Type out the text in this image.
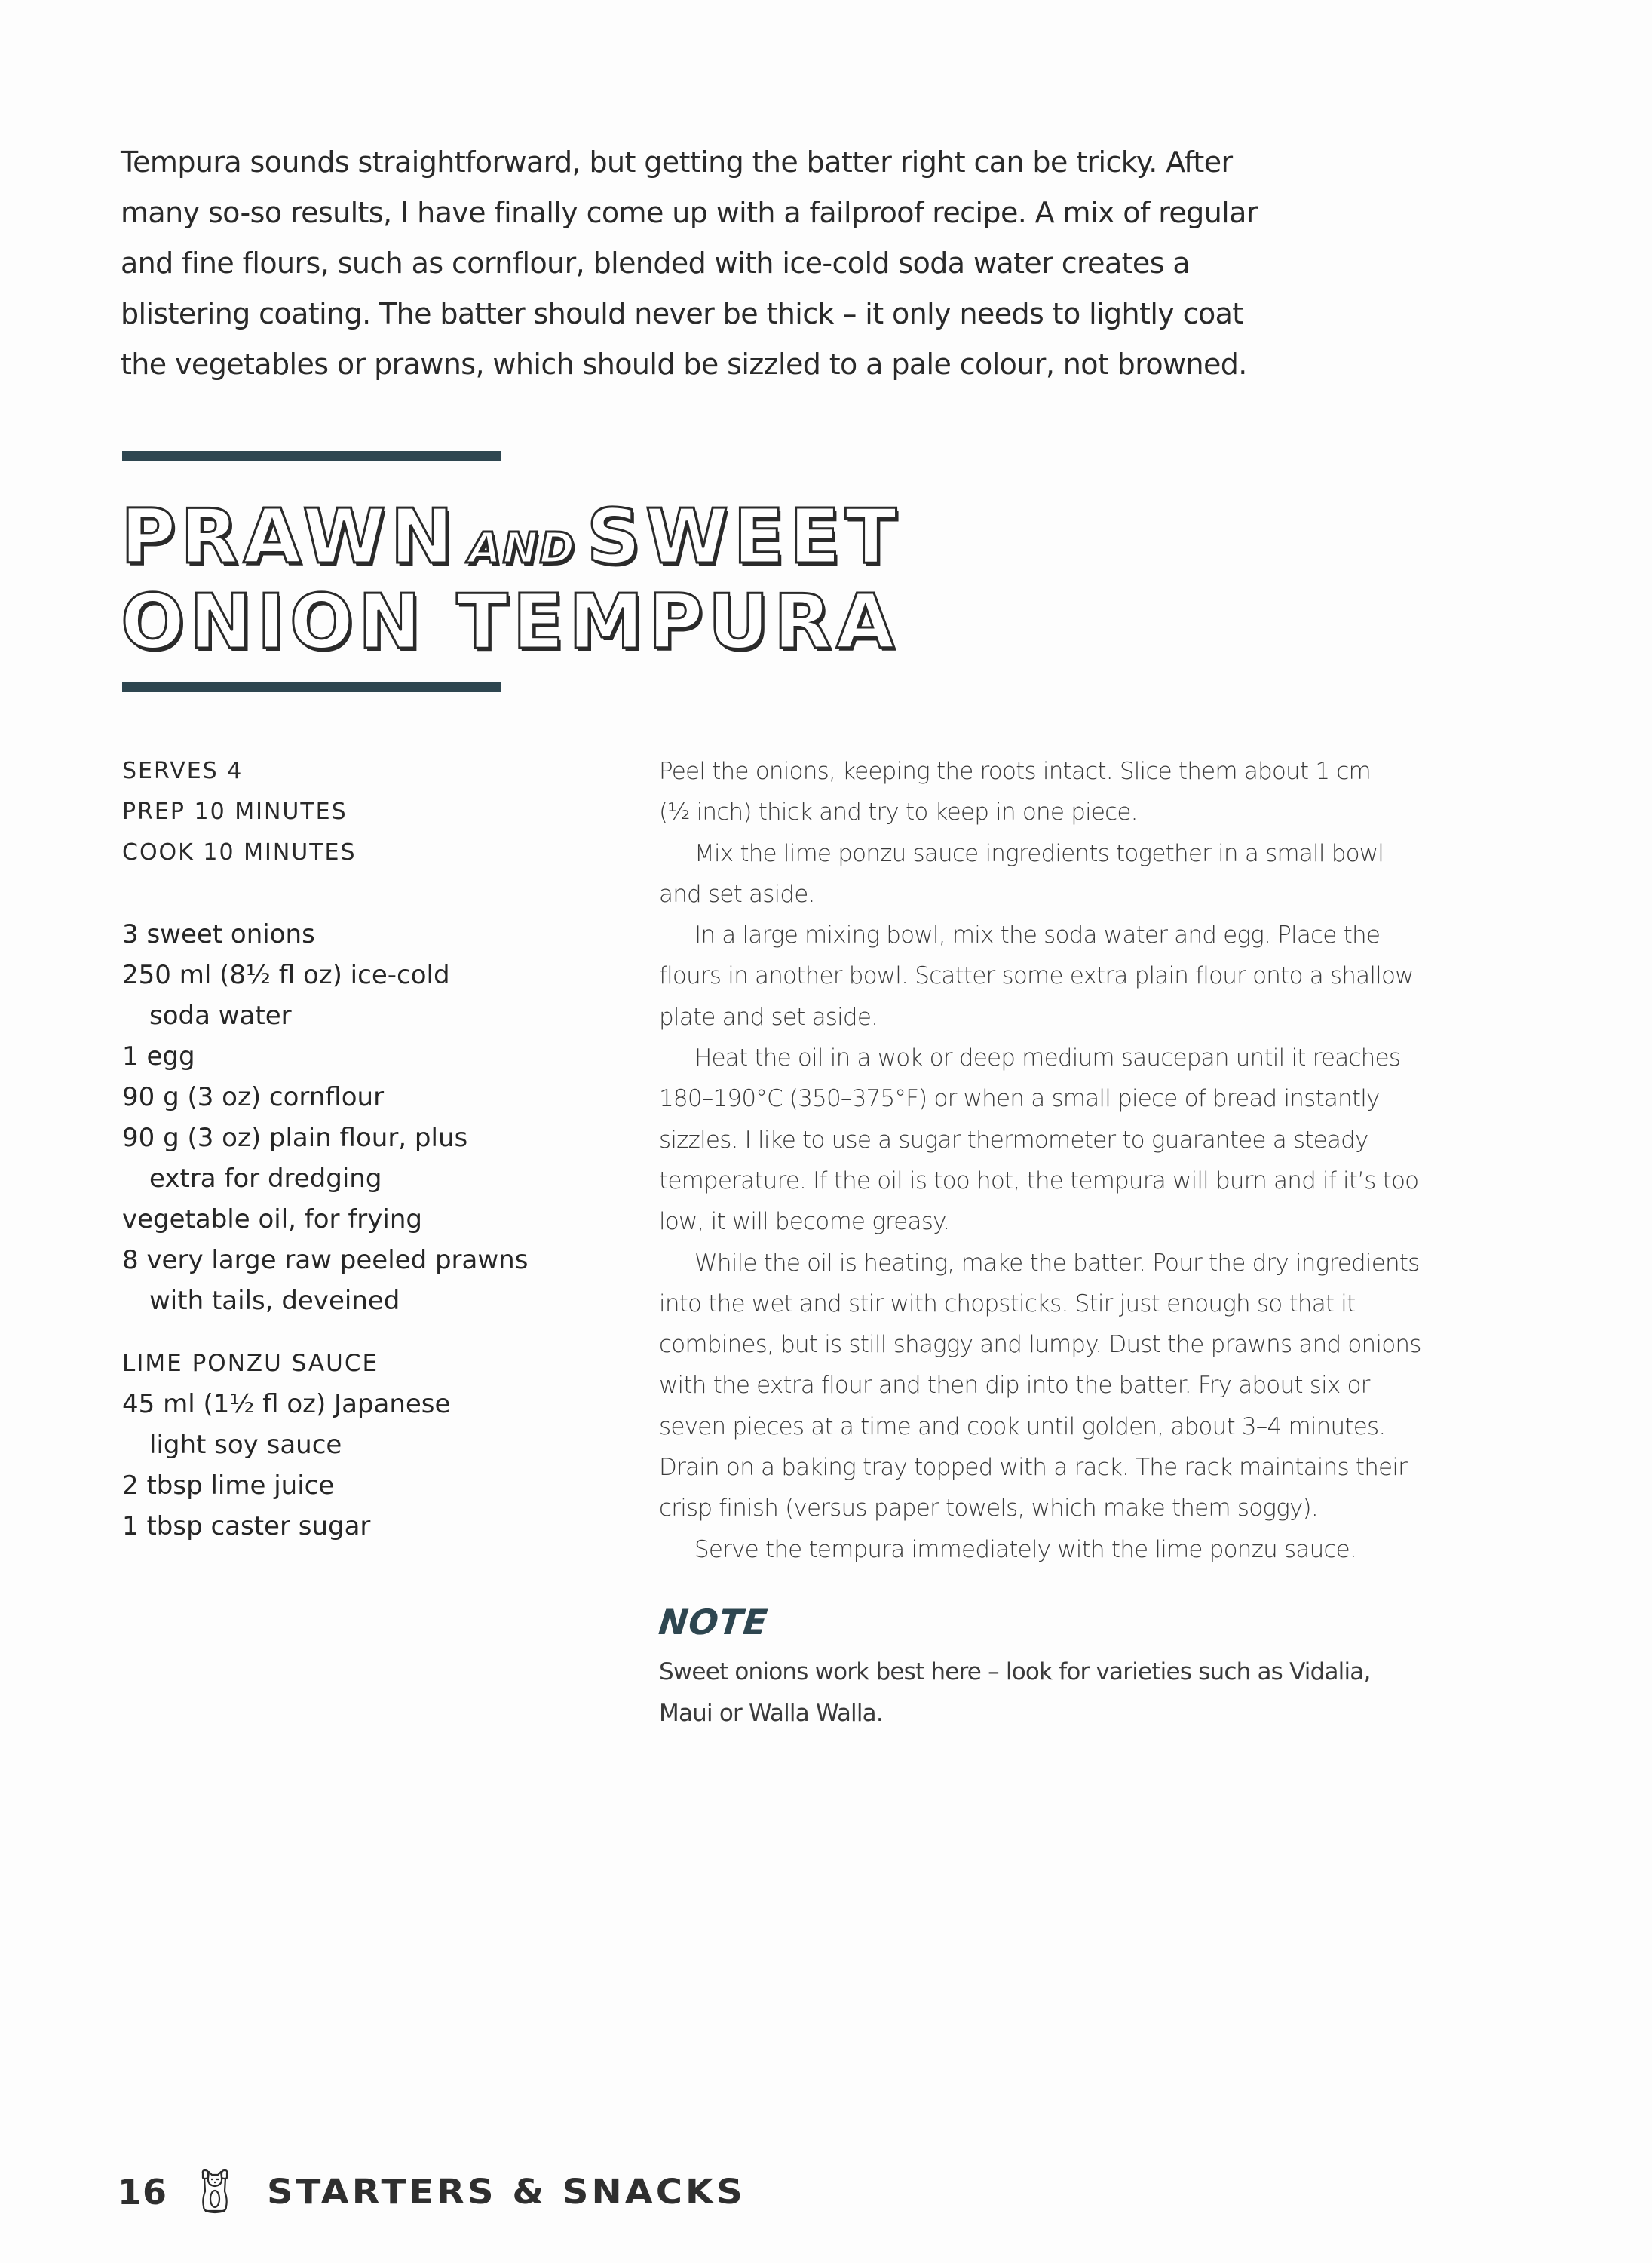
Tempura sounds straightforward, but getting the batter right can be tricky. After
many so-so results, I have finally come up with a failproof recipe. A mix of regular
and fine flours, such as cornflour, blended with ice-cold soda water creates a
blistering coating. The batter should never be thick – it only needs to lightly coat
the vegetables or prawns, which should be sizzled to a pale colour, not browned.
PRAWN AND SWEET
ONION TEMPURA
SERVES 4
PREP 10 MINUTES
COOK 10 MINUTES
3 sweet onions
250 ml (8½ fl oz) ice-cold
soda water
1 egg
90 g (3 oz) cornflour
90 g (3 oz) plain flour, plus
extra for dredging
vegetable oil, for frying
8 very large raw peeled prawns
with tails, deveined
LIME PONZU SAUCE
45 ml (1½ fl oz) Japanese
light soy sauce
2 tbsp lime juice
1 tbsp caster sugar
Peel the onions, keeping the roots intact. Slice them about 1 cm
(½ inch) thick and try to keep in one piece.
Mix the lime ponzu sauce ingredients together in a small bowl
and set aside.
In a large mixing bowl, mix the soda water and egg. Place the
flours in another bowl. Scatter some extra plain flour onto a shallow
plate and set aside.
Heat the oil in a wok or deep medium saucepan until it reaches
180–190°C (350–375°F) or when a small piece of bread instantly
sizzles. I like to use a sugar thermometer to guarantee a steady
temperature. If the oil is too hot, the tempura will burn and if it’s too
low, it will become greasy.
While the oil is heating, make the batter. Pour the dry ingredients
into the wet and stir with chopsticks. Stir just enough so that it
combines, but is still shaggy and lumpy. Dust the prawns and onions
with the extra flour and then dip into the batter. Fry about six or
seven pieces at a time and cook until golden, about 3–4 minutes.
Drain on a baking tray topped with a rack. The rack maintains their
crisp finish (versus paper towels, which make them soggy).
Serve the tempura immediately with the lime ponzu sauce.
NOTE
Sweet onions work best here – look for varieties such as Vidalia,
Maui or Walla Walla.
16	STARTERS & SNACKS
